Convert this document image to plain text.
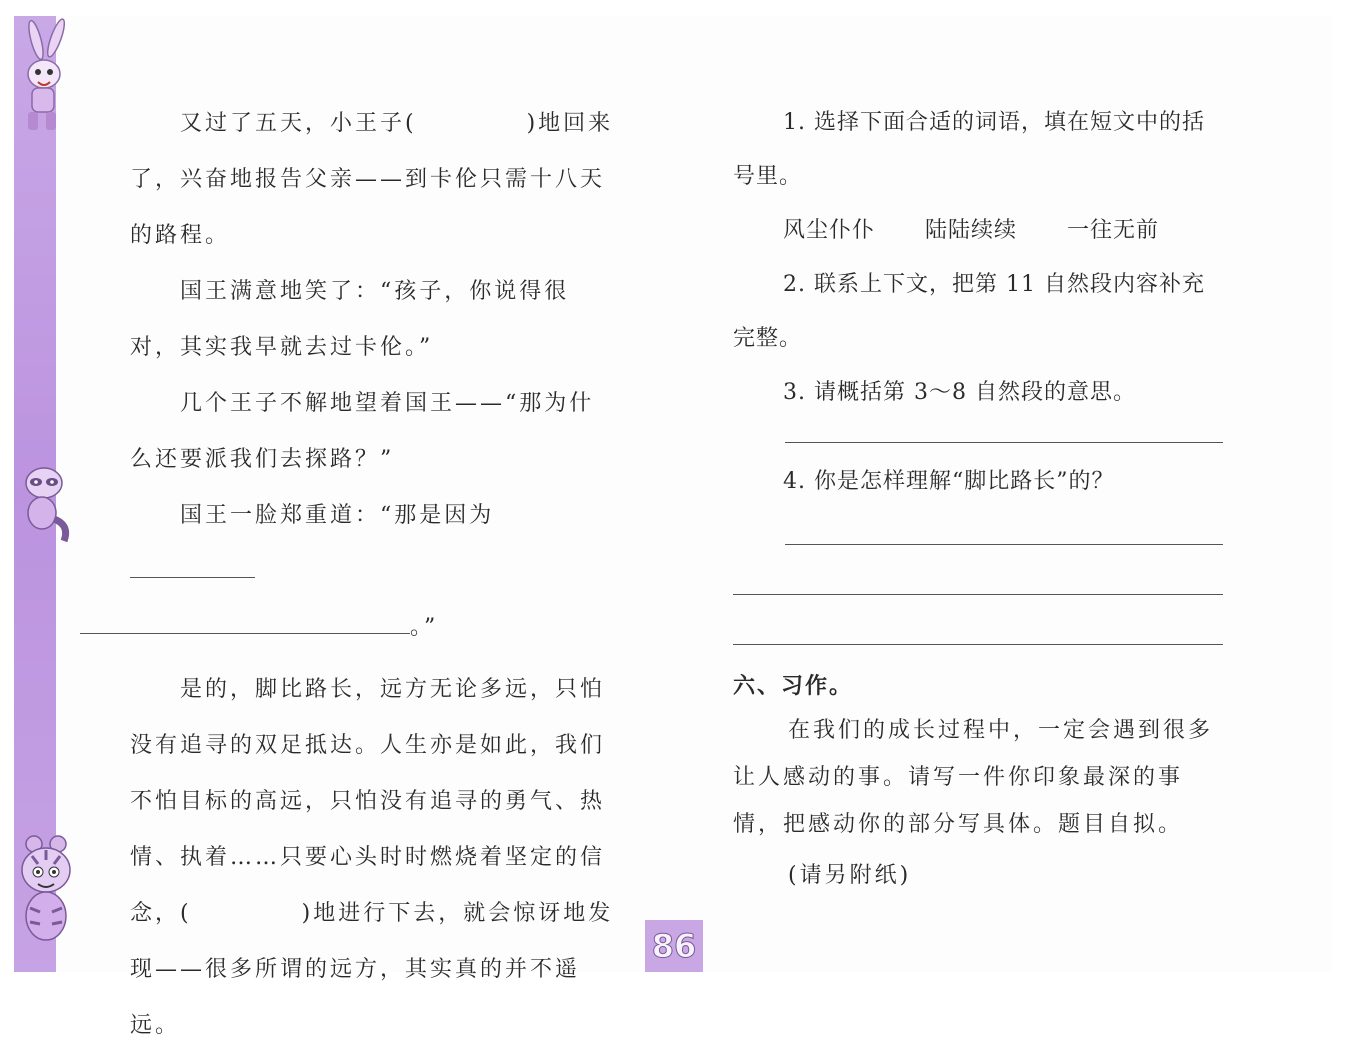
又过了五天，小王子(	)地回来了，兴奋地报告父亲——到卡伦只需十八天的路程。

国王满意地笑了：“孩子，你说得很对，其实我早就去过卡伦。”

几个王子不解地望着国王——“那为什么还要派我们去探路？”

国王一脸郑重道：“那是因为
。”

是的，脚比路长，远方无论多远，只怕没有追寻的双足抵达。人生亦是如此，我们不怕目标的高远，只怕没有追寻的勇气、热情、执着……只要心头时时燃烧着坚定的信念，(	)地进行下去，就会惊讶地发现——很多所谓的远方，其实真的并不遥远。

1. 选择下面合适的词语，填在短文中的括号里。

风尘仆仆 陆陆续续 一往无前

2. 联系上下文，把第 11 自然段内容补充完整。

3. 请概括第 3～8 自然段的意思。

4. 你是怎样理解“脚比路长”的？

六、习作。

在我们的成长过程中，一定会遇到很多让人感动的事。请写一件你印象最深的事情，把感动你的部分写具体。题目自拟。

(请另附纸)

86
